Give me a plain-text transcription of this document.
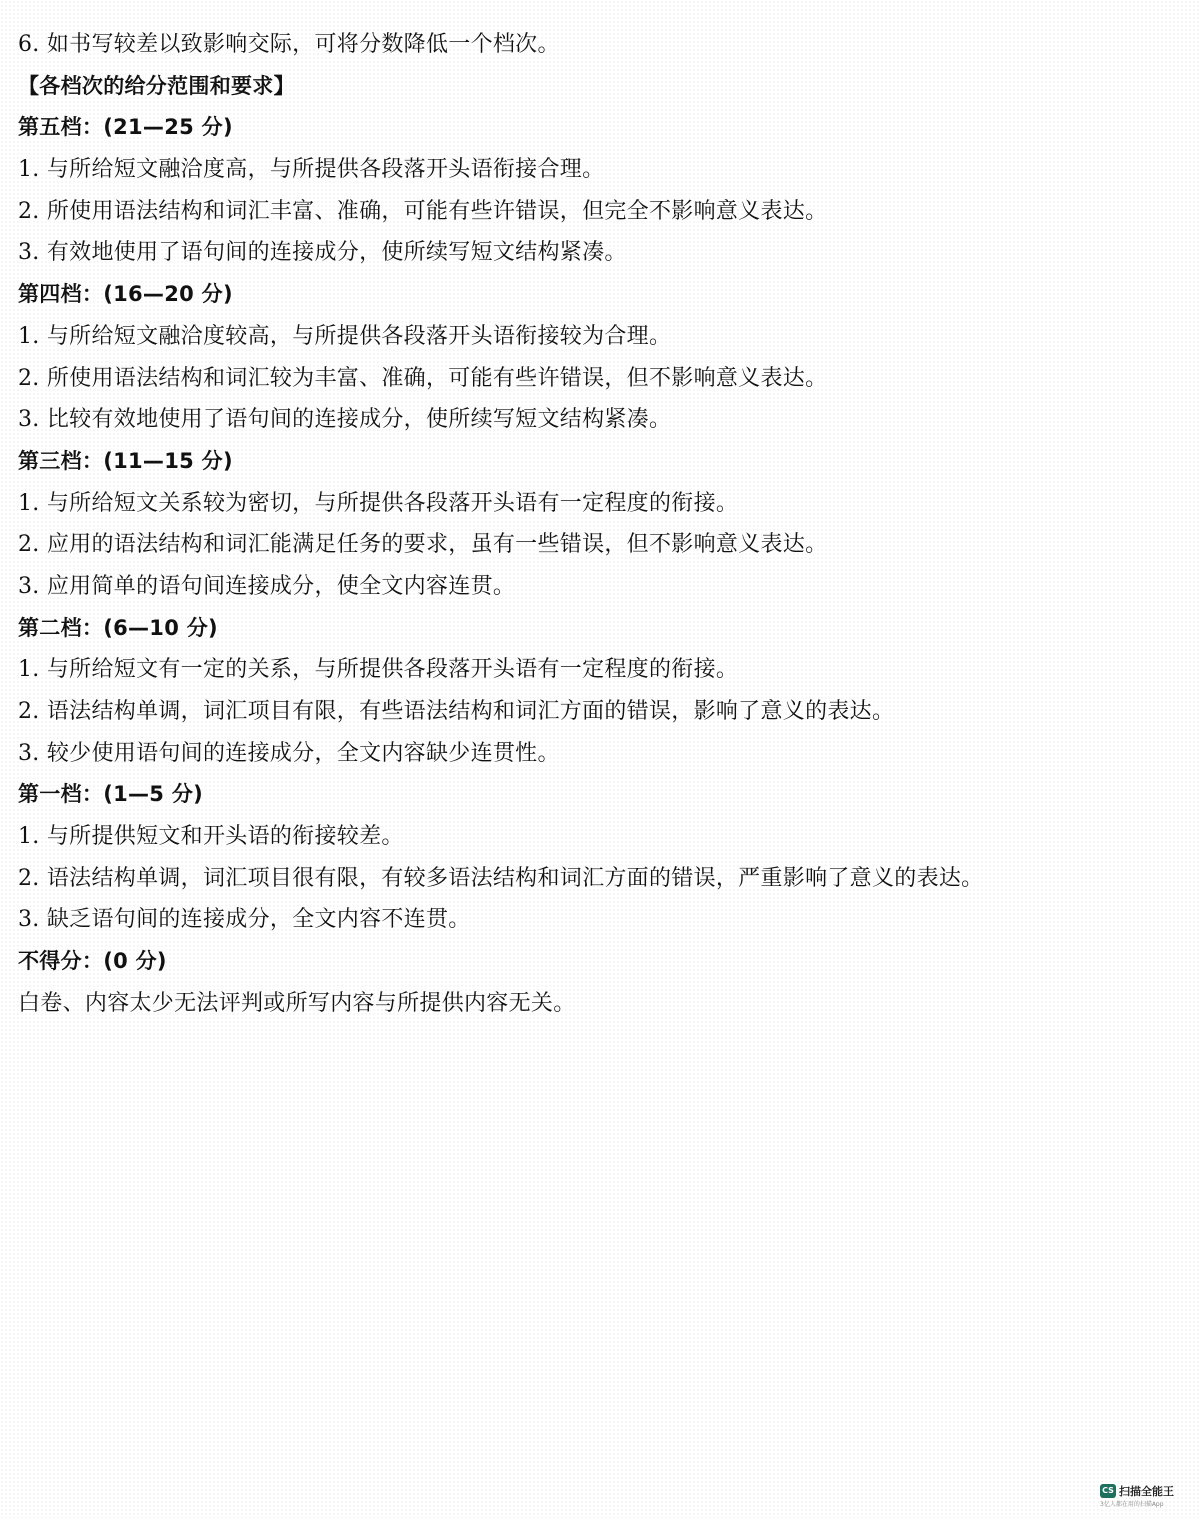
6. 如书写较差以致影响交际，可将分数降低一个档次。
【各档次的给分范围和要求】
第五档：(21—25 分)
1. 与所给短文融洽度高，与所提供各段落开头语衔接合理。
2. 所使用语法结构和词汇丰富、准确，可能有些许错误，但完全不影响意义表达。
3. 有效地使用了语句间的连接成分，使所续写短文结构紧凑。
第四档：(16—20 分)
1. 与所给短文融洽度较高，与所提供各段落开头语衔接较为合理。
2. 所使用语法结构和词汇较为丰富、准确，可能有些许错误，但不影响意义表达。
3. 比较有效地使用了语句间的连接成分，使所续写短文结构紧凑。
第三档：(11—15 分)
1. 与所给短文关系较为密切，与所提供各段落开头语有一定程度的衔接。
2. 应用的语法结构和词汇能满足任务的要求，虽有一些错误，但不影响意义表达。
3. 应用简单的语句间连接成分，使全文内容连贯。
第二档：(6—10 分)
1. 与所给短文有一定的关系，与所提供各段落开头语有一定程度的衔接。
2. 语法结构单调，词汇项目有限，有些语法结构和词汇方面的错误，影响了意义的表达。
3. 较少使用语句间的连接成分，全文内容缺少连贯性。
第一档：(1—5 分)
1. 与所提供短文和开头语的衔接较差。
2. 语法结构单调，词汇项目很有限，有较多语法结构和词汇方面的错误，严重影响了意义的表达。
3. 缺乏语句间的连接成分，全文内容不连贯。
不得分：(0 分)
白卷、内容太少无法评判或所写内容与所提供内容无关。
CS 扫描全能王
3亿人都在用的扫描App
